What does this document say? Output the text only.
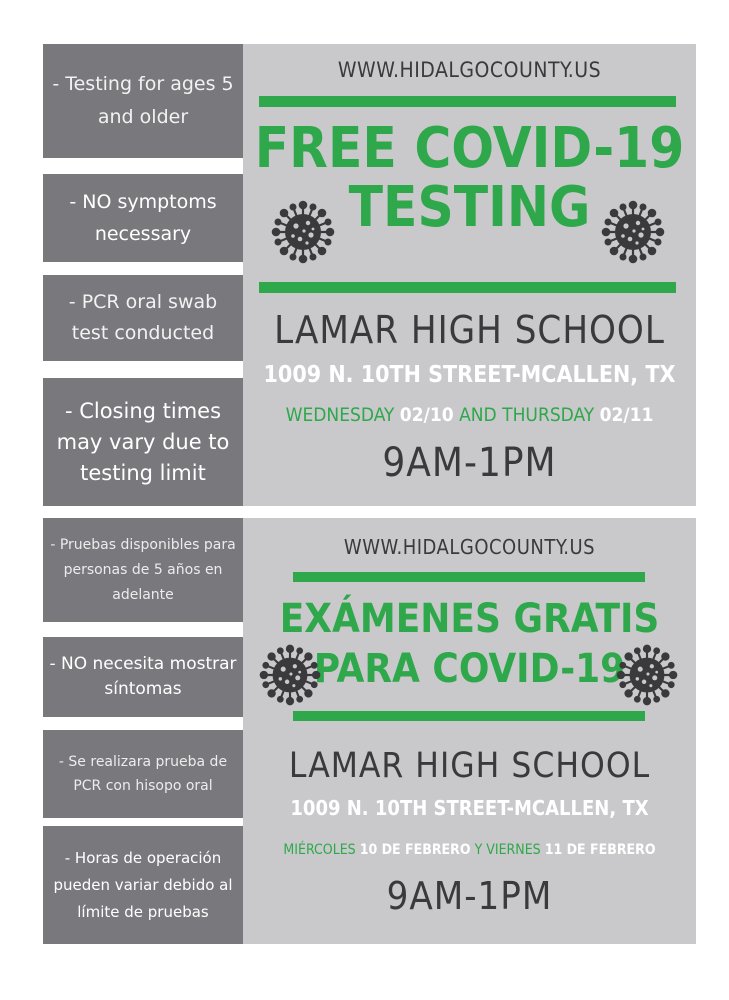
- Testing for ages 5 and older
- NO symptoms necessary
- PCR oral swab test conducted
- Closing times may vary due to testing limit
WWW.HIDALGOCOUNTY.US
FREE COVID-19
TESTING
LAMAR HIGH SCHOOL
1009 N. 10TH STREET-MCALLEN, TX
WEDNESDAY 02/10 AND THURSDAY 02/11
9AM-1PM
- Pruebas disponibles para personas de 5 años en adelante
- NO necesita mostrar síntomas
- Se realizara prueba de PCR con hisopo oral
- Horas de operación pueden variar debido al límite de pruebas
WWW.HIDALGOCOUNTY.US
EXÁMENES GRATIS
PARA COVID-19
LAMAR HIGH SCHOOL
1009 N. 10TH STREET-MCALLEN, TX
MIÉRCOLES 10 DE FEBRERO Y VIERNES 11 DE FEBRERO
9AM-1PM
